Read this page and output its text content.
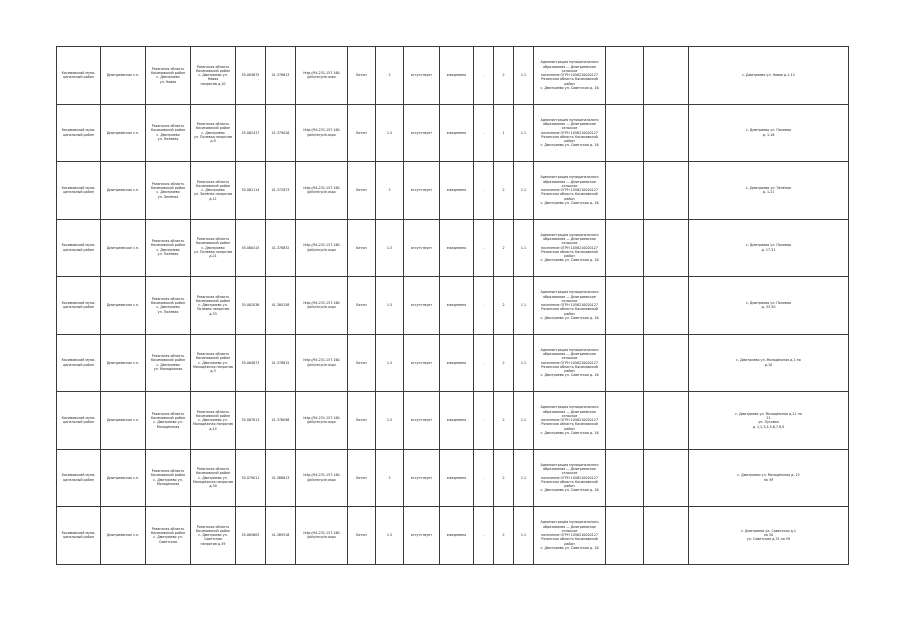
Касимовский муни-
ципальный район	Дмитриевское с.п.	Рязанская область
Касимовский район
с. Дмитриево
ул. Новая	Рязанская область
Касимовский район
с. Дмитриево ул. Новая
напротив д.10	55.083675	41.376613	http://94.231.157.160
/pkk/recycle.aspx	Бетон	2	отсутствует	ежедневно	-	2	1.1	Администрация муниципального
образования — Дмитриевское сельское
поселение ОГРН 1056210020127
Рязанская область Касимовский район
с. Дмитриево ул. Советская д. 16			с. Дмитриево ул. Новая д.1-12
Касимовский муни-
ципальный район	Дмитриевское с.п.	Рязанская область
Касимовский район
с. Дмитриево
ул. Полевая	Рязанская область
Касимовский район
с. Дмитриево
ул. Полевая напротив
д.9	55.082417	41.379026	http://94.231.157.160
/pkk/recycle.aspx	Бетон	1.5	отсутствует	ежедневно	-	1	1.1	Администрация муниципального
образования — Дмитриевское сельское
поселение ОГРН 1056210020127
Рязанская область Касимовский район
с. Дмитриево ул. Советская д. 16			с. Дмитриево ул. Полевая
д. 1-16
Касимовский муни-
ципальный район	Дмитриевское с.п.	Рязанская область
Касимовский район
с. Дмитриево
ул. Зелёная	Рязанская область
Касимовский район
с. Дмитриево
ул. Зелёная напротив
д.11	55.081114	41.372873	http://94.231.157.160
/pkk/recycle.aspx	Бетон	2	отсутствует	ежедневно	-	2	1.1	Администрация муниципального
образования — Дмитриевское сельское
поселение ОГРН 1056210020127
Рязанская область Касимовский район
с. Дмитриево ул. Советская д. 16			с. Дмитриево ул. Зелёная
д. 1-21
Касимовский муни-
ципальный район	Дмитриевское с.п.	Рязанская область
Касимовский район
с. Дмитриево
ул. Полевая	Рязанская область
Касимовский район
с. Дмитриево
ул. Полевая напротив д.21	55.080415	41.378832	http://94.231.157.160
/pkk/recycle.aspx	Бетон	1.5	отсутствует	ежедневно	-	2	1.1	Администрация муниципального
образования — Дмитриевское сельское
поселение ОГРН 1056210020127
Рязанская область Касимовский район
с. Дмитриево ул. Советская д. 16			с. Дмитриево ул. Полевая
д. 17-31
Касимовский муни-
ципальный район	Дмитриевское с.п.	Рязанская область
Касимовский район
с. Дмитриево
ул. Полевая	Рязанская область
Касимовский район
с. Дмитриево ул.
Полевая напротив д.33	55.082036	41.380158	http://94.231.157.160
/pkk/recycle.aspx	Бетон	1.5	отсутствует	ежедневно	-	2	1.1	Администрация муниципального
образования — Дмитриевское сельское
поселение ОГРН 1056210020127
Рязанская область Касимовский район
с. Дмитриево ул. Советская д. 16			с. Дмитриево ул. Полевая
д. 33-50
Касимовский муни-
ципальный район	Дмитриевское с.п.	Рязанская область
Касимовский район
с. Дмитриево
ул. Молодёжная	Рязанская область
Касимовский район
с. Дмитриево ул.
Молодёжная напротив д.3	55.084873	41.378815	http://94.231.157.160
/pkk/recycle.aspx	Бетон	1.5	отсутствует	ежедневно	-	2	1.1	Администрация муниципального
образования — Дмитриевское сельское
поселение ОГРН 1056210020127
Рязанская область Касимовский район
с. Дмитриево ул. Советская д. 16			с. Дмитриево ул. Молодёжная д.1 по
д.10
Касимовский муни-
ципальный район	Дмитриевское с.п.	Рязанская область
Касимовский район
с. Дмитриево ул.
Молодёжная	Рязанская область
Касимовский район
с. Дмитриево ул.
Молодёжная напротив д.14	55.087813	41.376098	http://94.231.157.160
/pkk/recycle.aspx	Бетон	1.5	отсутствует	ежедневно	-	2	1.1	Администрация муниципального
образования — Дмитриевское сельское
поселение ОГРН 1056210020127
Рязанская область Касимовский район
с. Дмитриево ул. Советская д. 16			с. Дмитриево ул. Молодёжная д.11 по
21
ул. Луговая
д. 1,2,3,4,5,6,7,8,9
Касимовский муни-
ципальный район	Дмитриевское с.п.	Рязанская область
Касимовский район
с. Дмитриево ул.
Молодёжная	Рязанская область
Касимовский район
с. Дмитриево ул.
Молодёжная напротив д.30	55.079011	41.368613	http://94.231.157.160
/pkk/recycle.aspx	Бетон	2	отсутствует	ежедневно	-	2	1.1	Администрация муниципального
образования — Дмитриевское сельское
поселение ОГРН 1056210020127
Рязанская область Касимовский район
с. Дмитриево ул. Советская д. 16			с. Дмитриево ул. Молодёжная д. 22
по 39
Касимовский муни-
ципальный район	Дмитриевское с.п.	Рязанская область
Касимовский район
с. Дмитриево ул.
Советская	Рязанская область
Касимовский район
с. Дмитриево ул.
Советская
напротив д.39	55.085603	41.389518	http://94.231.157.160
/pkk/recycle.aspx	Бетон	1.5	отсутствует	ежедневно	-	2	1.1	Администрация муниципального
образования — Дмитриевское сельское
поселение ОГРН 1056210020127
Рязанская область Касимовский район
с. Дмитриево ул. Советская д. 16			с. Дмитриево ул. Советская д.1
по 50
ул. Советская д.51 по 59
